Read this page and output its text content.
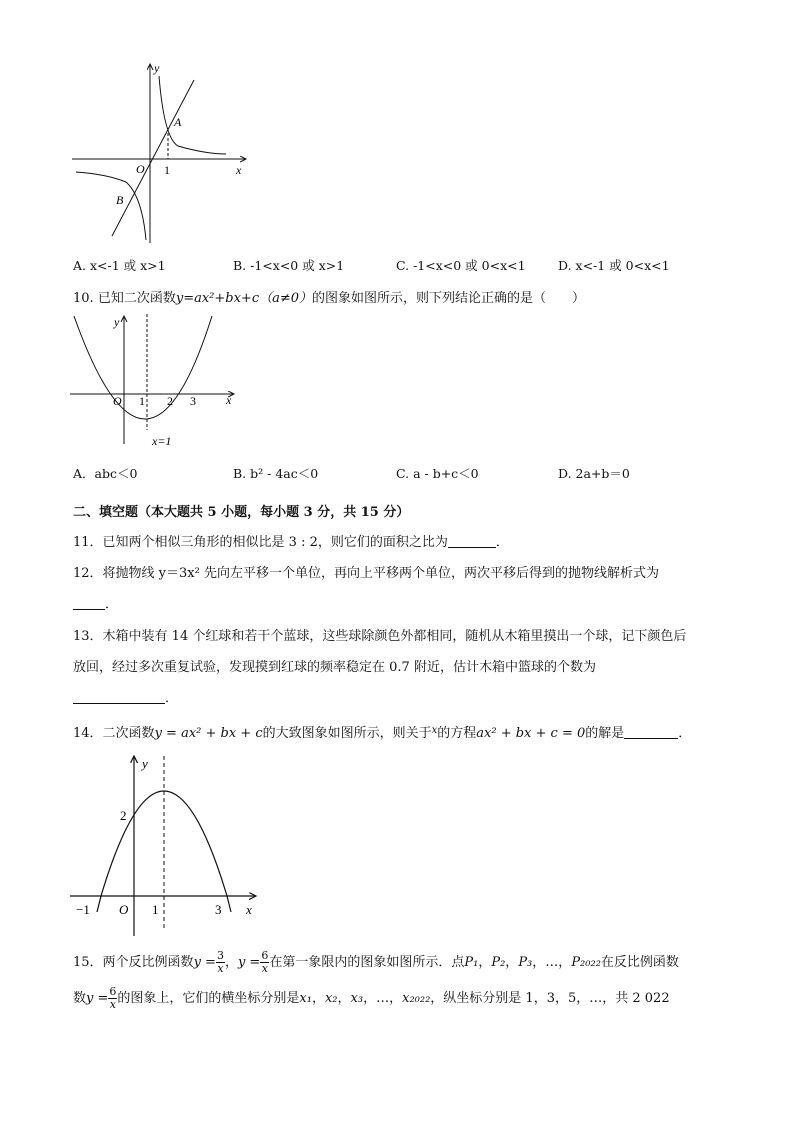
y
x
O 1
A
B
A. x<-1 或 x>1	B. -1<x<0 或 x>1	C. -1<x<0 或 0<x<1	D. x<-1 或 0<x<1
10. 已知二次函数y=ax²+bx+c（a≠0）的图象如图所示，则下列结论正确的是（　　）
y
x
O 1 2 3
x=1
A．abc＜0	B. b² - 4ac＜0	C. a - b+c＜0	D. 2a+b＝0
二、填空题（本大题共 5 小题，每小题 3 分，共 15 分）
11．已知两个相似三角形的相似比是 3 : 2，则它们的面积之比为	．
12．将抛物线 y＝3x² 先向左平移一个单位，再向上平移两个单位，两次平移后得到的抛物线解析式为
．
13．木箱中装有 14 个红球和若干个蓝球，这些球除颜色外都相同，随机从木箱里摸出一个球，记下颜色后
放回，经过多次重复试验，发现摸到红球的频率稳定在 0.7 附近，估计木箱中篮球的个数为
．
14．二次函数y = ax² + bx + c的大致图象如图所示，则关于$^x$的方程ax² + bx + c = 0的解是	．
y
x
O
−1	1	3
2
15．两个反比例函数$y = \frac{3}{x}$ ，$y = \frac{6}{x}$ 在第一象限内的图象如图所示．点P₁，P₂，P₃，…，P₂₀₂₂在反比例函数
数$y = \frac{6}{x}$ 的图象上，它们的横坐标分别是x₁，x₂，x₃，…，x₂₀₂₂，纵坐标分别是 1，3，5，…，共 2 022
